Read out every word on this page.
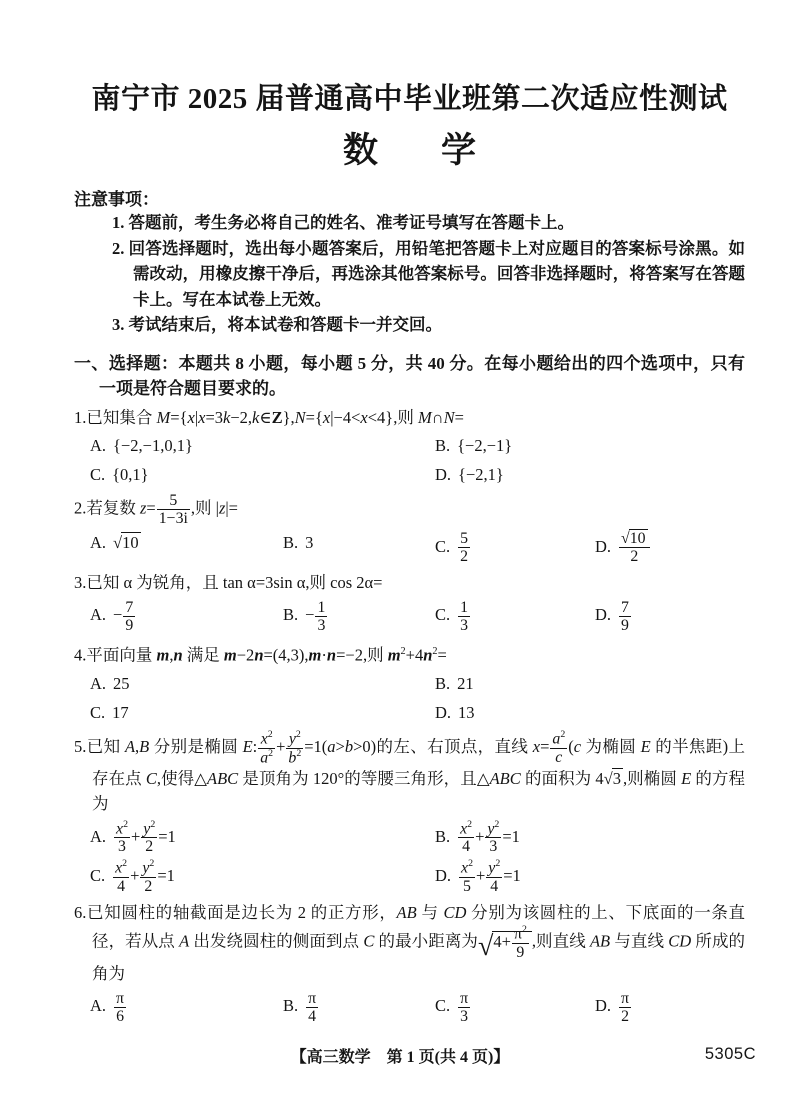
南宁市 2025 届普通高中毕业班第二次适应性测试
数　学
注意事项：
1. 答题前，考生务必将自己的姓名、准考证号填写在答题卡上。
2. 回答选择题时，选出每小题答案后，用铅笔把答题卡上对应题目的答案标号涂黑。如需改动，用橡皮擦干净后，再选涂其他答案标号。回答非选择题时，将答案写在答题卡上。写在本试卷上无效。
3. 考试结束后，将本试卷和答题卡一并交回。
一、选择题：本题共 8 小题，每小题 5 分，共 40 分。在每小题给出的四个选项中，只有一项是符合题目要求的。

1.已知集合 M={x|x=3k−2,k∈Z},N={x|−4<x<4},则 M∩N=

A. {−2,−1,0,1}	B. {−2,−1}
C. {0,1}	D. {−2,1}

2.若复数 $z= \frac{5}{1-3i}$ ,则 |z|=

A. √10	B. 3	C. $\frac{5}{2}$	D. $\frac{√10}{2}$

3.已知 α 为锐角，且 tan α=3sin α,则 cos 2α=

A. − $\frac{7}{9}$	B. − $\frac{1}{3}$	C. $\frac{1}{3}$	D. $\frac{7}{9}$

4.平面向量 m,n 满足 m−2n=(4,3),m·n=−2,则 $m^2+4n^2=$

A. 25	B. 21
C. 17	D. 13

5.已知 A,B 分别是椭圆 E: $\frac{x^2}{a^2} + \frac{y^2}{b^2} =1(a>b>0)$的左、右顶点，直线 $x= \frac{a^2}{c} (c$ 为椭圆 E 的半焦距)上存在点 C,使得△ABC 是顶角为 120°的等腰三角形，且△ABC 的面积为 4√3 ,则椭圆 E 的方程为

A. $\frac{x^2}{3} + \frac{y^2}{2} =1$	B. $\frac{x^2}{4} + \frac{y^2}{3} =1$
C. $\frac{x^2}{4} + \frac{y^2}{2} =1$	D. $\frac{x^2}{5} + \frac{y^2}{4} =1$

6.已知圆柱的轴截面是边长为 2 的正方形，AB 与 CD 分别为该圆柱的上、下底面的一条直径，若从点 A 出发绕圆柱的侧面到点 C 的最小距离为$√4+ \frac{\pi^2}{9}$ ,则直线 AB 与直线 CD 所成的角为

A. $\frac{\pi}{6}$	B. $\frac{\pi}{4}$	C. $\frac{\pi}{3}$	D. $\frac{\pi}{2}$
【高三数学　第 1 页(共 4 页)】	5305C
